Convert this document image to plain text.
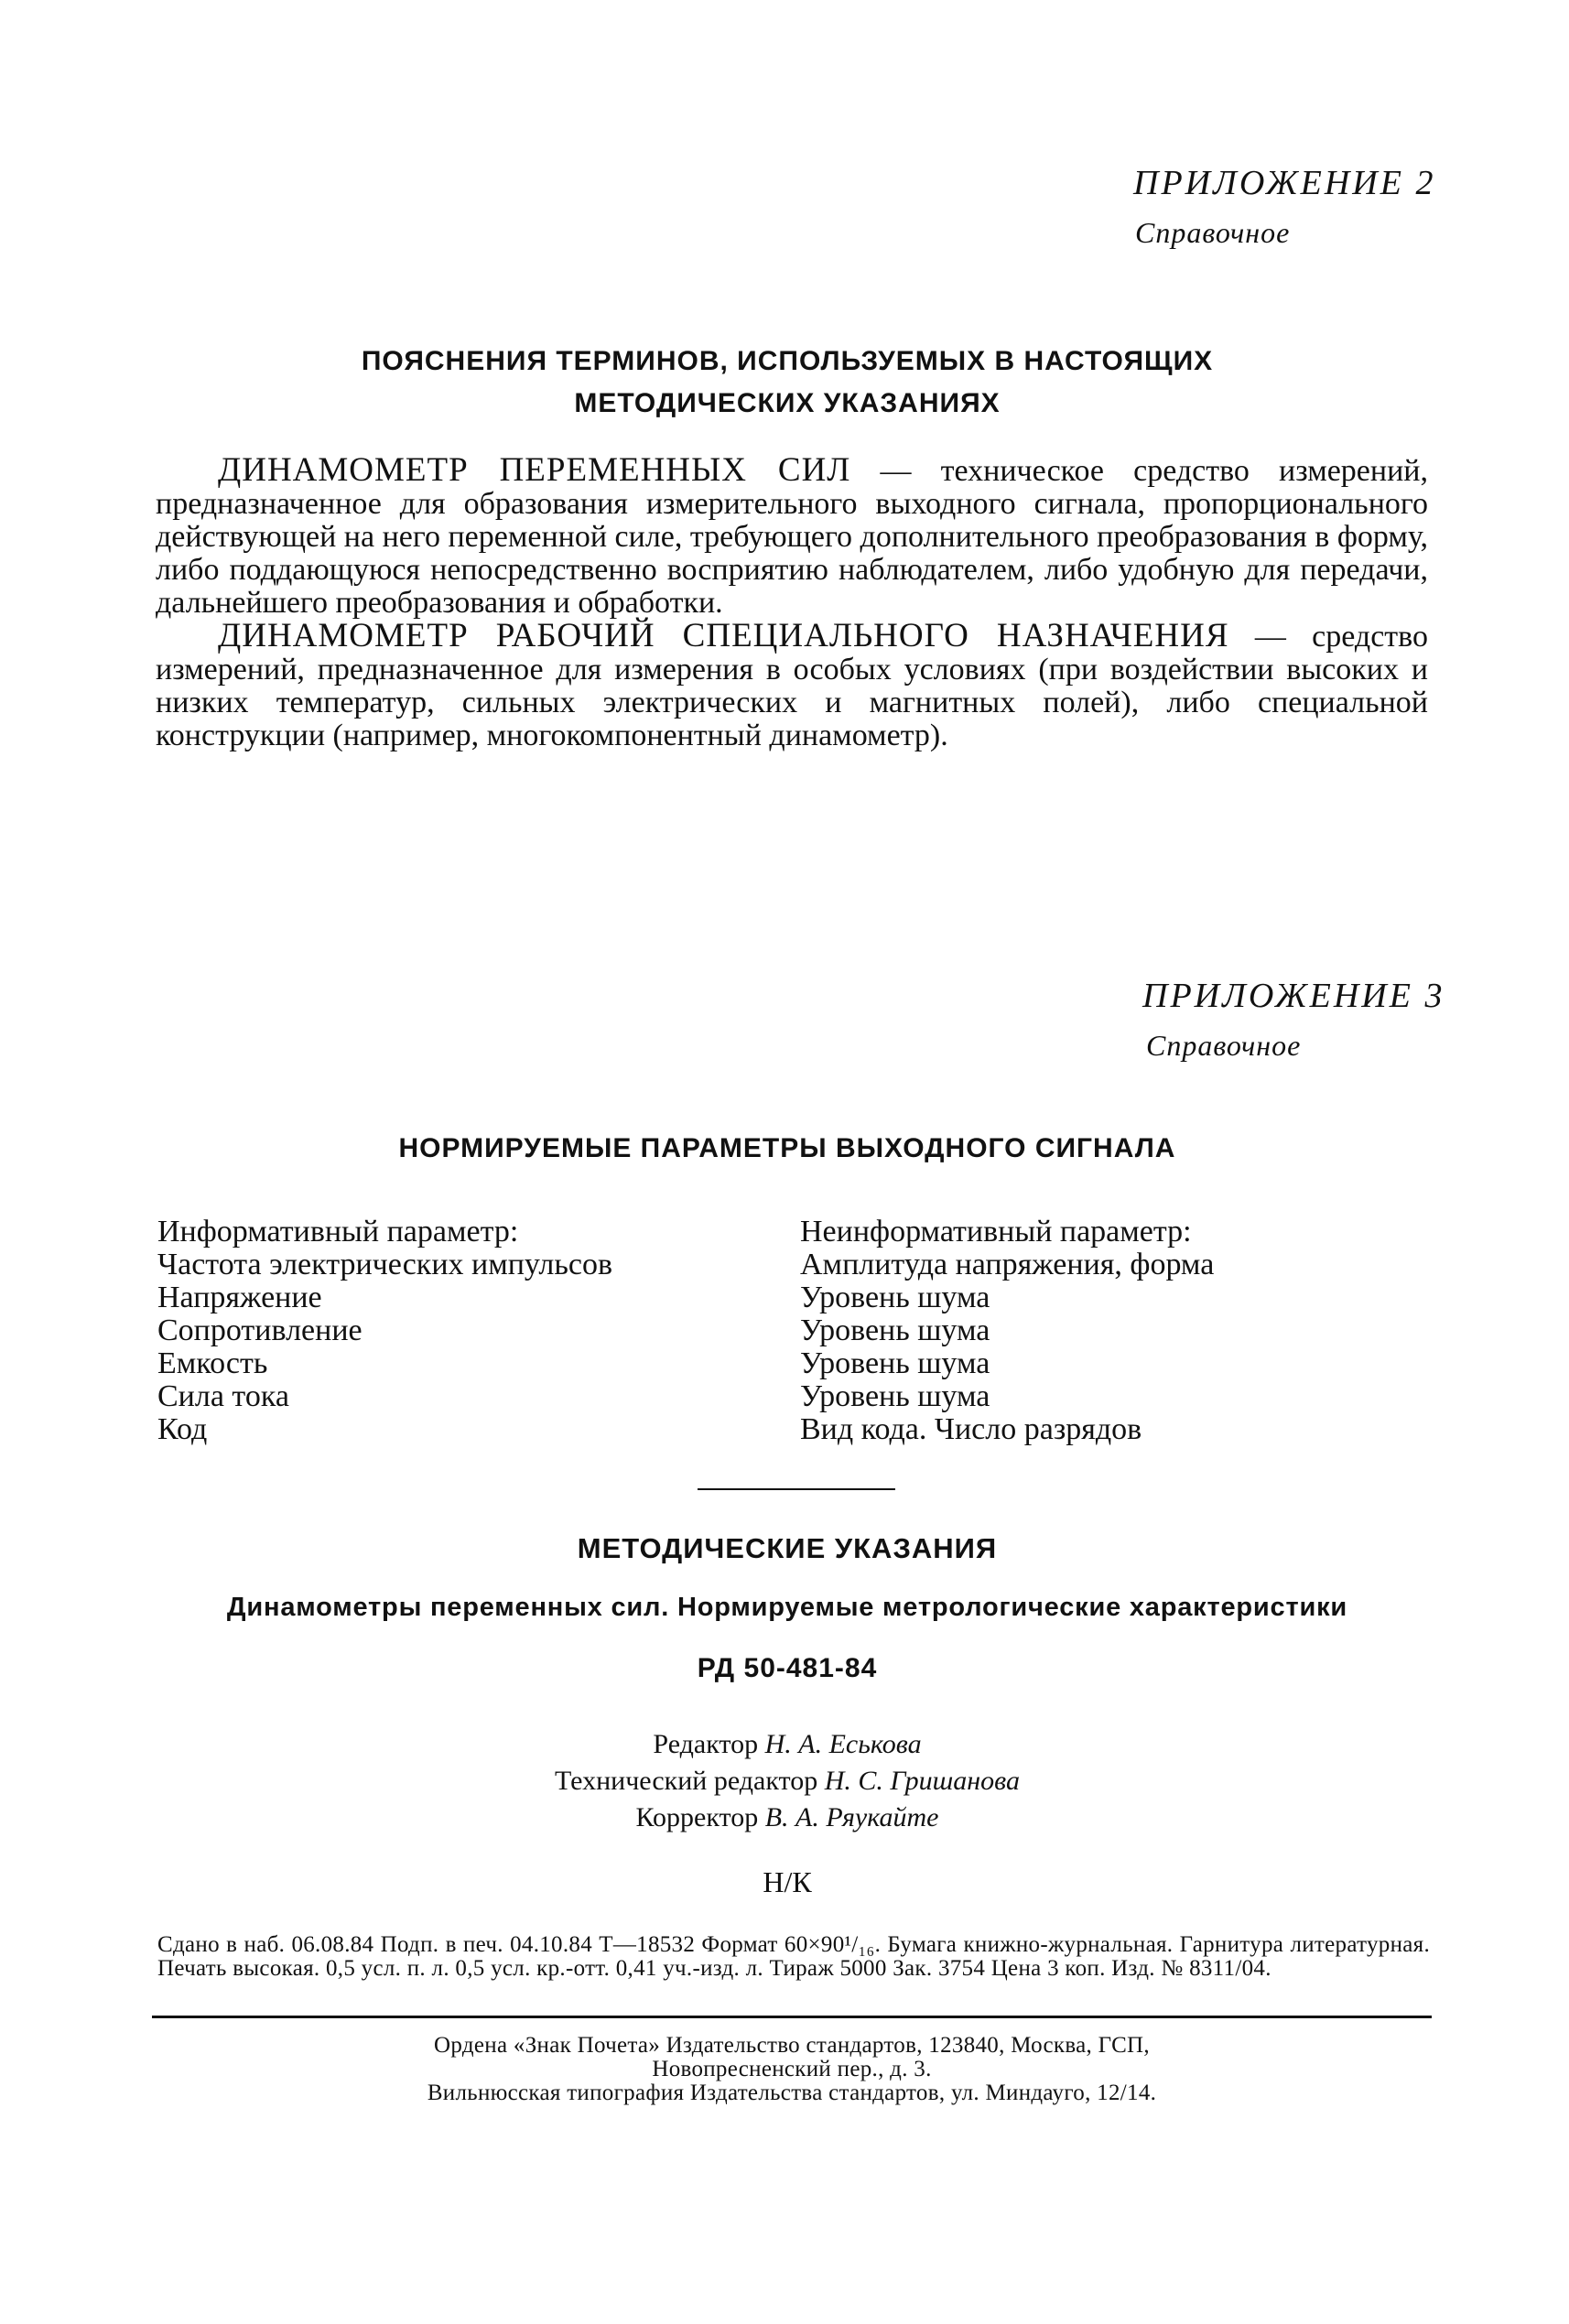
ПРИЛОЖЕНИЕ 2
Справочное
ПОЯСНЕНИЯ ТЕРМИНОВ, ИСПОЛЬЗУЕМЫХ В НАСТОЯЩИХ
МЕТОДИЧЕСКИХ УКАЗАНИЯХ

ДИНАМОМЕТР ПЕРЕМЕННЫХ СИЛ — техническое средство измерений, предназначенное для образования измерительного выходного сигнала, пропорционального действующей на него переменной силе, требующего дополнительного преобразования в форму, либо поддающуюся непосредственно восприятию наблюдателем, либо удобную для передачи, дальнейшего преобразования и обработки.

ДИНАМОМЕТР РАБОЧИЙ СПЕЦИАЛЬНОГО НАЗНАЧЕНИЯ — средство измерений, предназначенное для измерения в особых условиях (при воздействии высоких и низких температур, сильных электрических и магнитных полей), либо специальной конструкции (например, многокомпонентный динамометр).

ПРИЛОЖЕНИЕ 3
Справочное
НОРМИРУЕМЫЕ ПАРАМЕТРЫ ВЫХОДНОГО СИГНАЛА
Информативный параметр:
Частота электрических импульсов
Напряжение
Сопротивление
Емкость
Сила тока
Код
Неинформативный параметр:
Амплитуда напряжения, форма
Уровень шума
Уровень шума
Уровень шума
Уровень шума
Вид кода. Число разрядов
МЕТОДИЧЕСКИЕ УКАЗАНИЯ
Динамометры переменных сил. Нормируемые метрологические характеристики
РД 50-481-84
Редактор Н. А. Еськова
Технический редактор Н. С. Гришанова
Корректор В. А. Ряукайте
Н/К
Сдано в наб. 06.08.84 Подп. в печ. 04.10.84 Т—18532 Формат 60×90¹/₁₆. Бумага книжно-журнальная. Гарнитура литературная. Печать высокая. 0,5 усл. п. л. 0,5 усл. кр.-отт. 0,41 уч.-изд. л. Тираж 5000 Зак. 3754 Цена 3 коп. Изд. № 8311/04.
Ордена «Знак Почета» Издательство стандартов, 123840, Москва, ГСП,
Новопресненский пер., д. 3.
Вильнюсская типография Издательства стандартов, ул. Миндауго, 12/14.
